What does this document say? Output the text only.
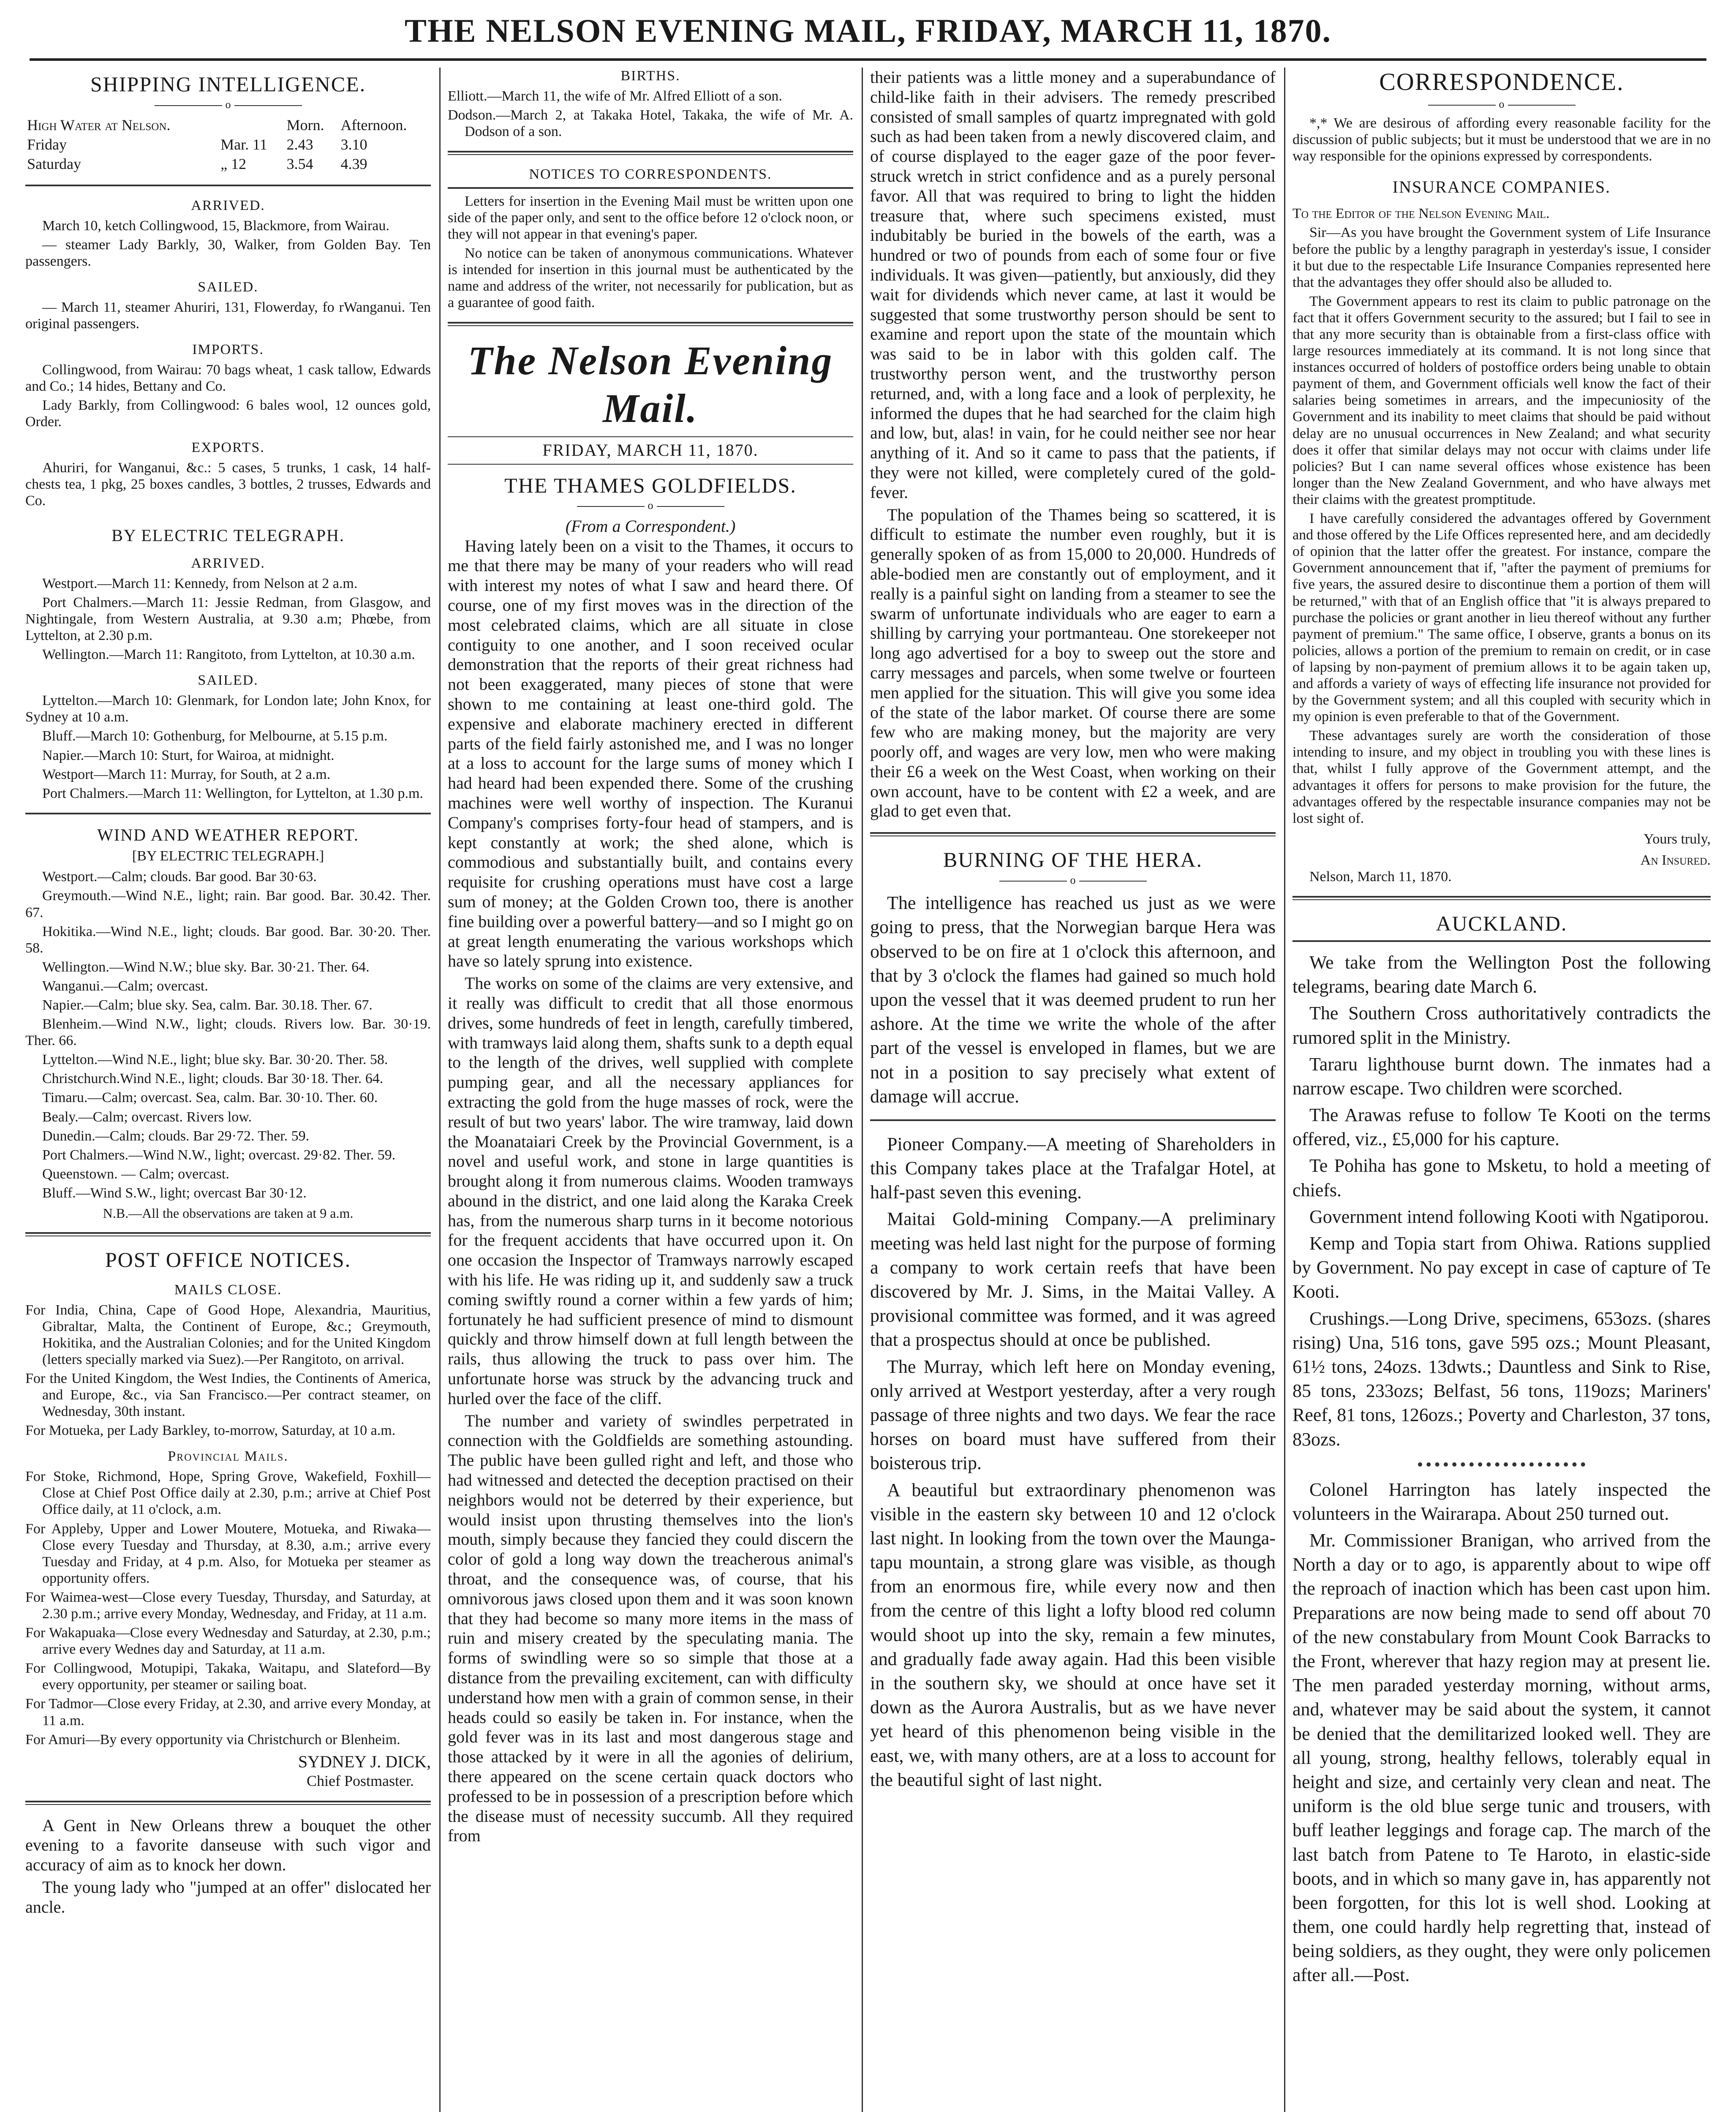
THE NELSON EVENING MAIL, FRIDAY, MARCH 11, 1870.
SHIPPING INTELLIGENCE.
o
High Water at Nelson.		Morn.	Afternoon.
Friday	Mar. 11	2.43	3.10
Saturday	„ 12	3.54	4.39
ARRIVED.

March 10, ketch Collingwood, 15, Blackmore, from Wairau.

— steamer Lady Barkly, 30, Walker, from Golden Bay. Ten passengers.

SAILED.

— March 11, steamer Ahuriri, 131, Flowerday, fo rWanganui. Ten original passengers.

IMPORTS.

Collingwood, from Wairau: 70 bags wheat, 1 cask tallow, Edwards and Co.; 14 hides, Bettany and Co.

Lady Barkly, from Collingwood: 6 bales wool, 12 ounces gold, Order.

EXPORTS.

Ahuriri, for Wanganui, &c.: 5 cases, 5 trunks, 1 cask, 14 half-chests tea, 1 pkg, 25 boxes candles, 3 bottles, 2 trusses, Edwards and Co.

BY ELECTRIC TELEGRAPH.
ARRIVED.

Westport.—March 11: Kennedy, from Nelson at 2 a.m.

Port Chalmers.—March 11: Jessie Redman, from Glasgow, and Nightingale, from Western Australia, at 9.30 a.m; Phœbe, from Lyttelton, at 2.30 p.m.

Wellington.—March 11: Rangitoto, from Lyttelton, at 10.30 a.m.

SAILED.

Lyttelton.—March 10: Glenmark, for London late; John Knox, for Sydney at 10 a.m.

Bluff.—March 10: Gothenburg, for Melbourne, at 5.15 p.m.

Napier.—March 10: Sturt, for Wairoa, at midnight.

Westport—March 11: Murray, for South, at 2 a.m.

Port Chalmers.—March 11: Wellington, for Lyttelton, at 1.30 p.m.

WIND AND WEATHER REPORT.
[BY ELECTRIC TELEGRAPH.]

Westport.—Calm; clouds. Bar good. Bar 30·63.

Greymouth.—Wind N.E., light; rain. Bar good. Bar. 30.42. Ther. 67.

Hokitika.—Wind N.E., light; clouds. Bar good. Bar. 30·20. Ther. 58.

Wellington.—Wind N.W.; blue sky. Bar. 30·21. Ther. 64.

Wanganui.—Calm; overcast.

Napier.—Calm; blue sky. Sea, calm. Bar. 30.18. Ther. 67.

Blenheim.—Wind N.W., light; clouds. Rivers low. Bar. 30·19. Ther. 66.

Lyttelton.—Wind N.E., light; blue sky. Bar. 30·20. Ther. 58.

Christchurch.Wind N.E., light; clouds. Bar 30·18. Ther. 64.

Timaru.—Calm; overcast. Sea, calm. Bar. 30·10. Ther. 60.

Bealy.—Calm; overcast. Rivers low.

Dunedin.—Calm; clouds. Bar 29·72. Ther. 59.

Port Chalmers.—Wind N.W., light; overcast. 29·82. Ther. 59.

Queenstown. — Calm; overcast.

Bluff.—Wind S.W., light; overcast Bar 30·12.

N.B.—All the observations are taken at 9 a.m.
POST OFFICE NOTICES.
MAILS CLOSE.

For India, China, Cape of Good Hope, Alexandria, Mauritius, Gibraltar, Malta, the Continent of Europe, &c.; Greymouth, Hokitika, and the Australian Colonies; and for the United Kingdom (letters specially marked via Suez).—Per Rangitoto, on arrival.

For the United Kingdom, the West Indies, the Continents of America, and Europe, &c., via San Francisco.—Per contract steamer, on Wednesday, 30th instant.

For Motueka, per Lady Barkley, to-morrow, Saturday, at 10 a.m.

Provincial Mails.

For Stoke, Richmond, Hope, Spring Grove, Wakefield, Foxhill—Close at Chief Post Office daily at 2.30, p.m.; arrive at Chief Post Office daily, at 11 o'clock, a.m.

For Appleby, Upper and Lower Moutere, Motueka, and Riwaka—Close every Tuesday and Thursday, at 8.30, a.m.; arrive every Tuesday and Friday, at 4 p.m. Also, for Motueka per steamer as opportunity offers.

For Waimea-west—Close every Tuesday, Thursday, and Saturday, at 2.30 p.m.; arrive every Monday, Wednesday, and Friday, at 11 a.m.

For Wakapuaka—Close every Wednesday and Saturday, at 2.30, p.m.; arrive every Wednes day and Saturday, at 11 a.m.

For Collingwood, Motupipi, Takaka, Waitapu, and Slateford—By every opportunity, per steamer or sailing boat.

For Tadmor—Close every Friday, at 2.30, and arrive every Monday, at 11 a.m.

For Amuri—By every opportunity via Christchurch or Blenheim.

SYDNEY J. DICK,
Chief Postmaster.

A Gent in New Orleans threw a bouquet the other evening to a favorite danseuse with such vigor and accuracy of aim as to knock her down.

The young lady who "jumped at an offer" dislocated her ancle.

BIRTHS.

Elliott.—March 11, the wife of Mr. Alfred Elliott of a son.

Dodson.—March 2, at Takaka Hotel, Takaka, the wife of Mr. A. Dodson of a son.

NOTICES TO CORRESPONDENTS.

Letters for insertion in the Evening Mail must be written upon one side of the paper only, and sent to the office before 12 o'clock noon, or they will not appear in that evening's paper.

No notice can be taken of anonymous communications. Whatever is intended for insertion in this journal must be authenticated by the name and address of the writer, not necessarily for publication, but as a guarantee of good faith.

The Nelson Evening Mail.
FRIDAY, MARCH 11, 1870.
THE THAMES GOLDFIELDS.
o
(From a Correspondent.)

Having lately been on a visit to the Thames, it occurs to me that there may be many of your readers who will read with interest my notes of what I saw and heard there. Of course, one of my first moves was in the direction of the most celebrated claims, which are all situate in close contiguity to one another, and I soon received ocular demonstration that the reports of their great richness had not been exaggerated, many pieces of stone that were shown to me containing at least one-third gold. The expensive and elaborate machinery erected in different parts of the field fairly astonished me, and I was no longer at a loss to account for the large sums of money which I had heard had been expended there. Some of the crushing machines were well worthy of inspection. The Kuranui Company's comprises forty-four head of stampers, and is kept constantly at work; the shed alone, which is commodious and substantially built, and contains every requisite for crushing operations must have cost a large sum of money; at the Golden Crown too, there is another fine building over a powerful battery—and so I might go on at great length enumerating the various workshops which have so lately sprung into existence.

The works on some of the claims are very extensive, and it really was difficult to credit that all those enormous drives, some hundreds of feet in length, carefully timbered, with tramways laid along them, shafts sunk to a depth equal to the length of the drives, well supplied with complete pumping gear, and all the necessary appliances for extracting the gold from the huge masses of rock, were the result of but two years' labor. The wire tramway, laid down the Moanataiari Creek by the Provincial Government, is a novel and useful work, and stone in large quantities is brought along it from numerous claims. Wooden tramways abound in the district, and one laid along the Karaka Creek has, from the numerous sharp turns in it become notorious for the frequent accidents that have occurred upon it. On one occasion the Inspector of Tramways narrowly escaped with his life. He was riding up it, and suddenly saw a truck coming swiftly round a corner within a few yards of him; fortunately he had sufficient presence of mind to dismount quickly and throw himself down at full length between the rails, thus allowing the truck to pass over him. The unfortunate horse was struck by the advancing truck and hurled over the face of the cliff.

The number and variety of swindles perpetrated in connection with the Goldfields are something astounding. The public have been gulled right and left, and those who had witnessed and detected the deception practised on their neighbors would not be deterred by their experience, but would insist upon thrusting themselves into the lion's mouth, simply because they fancied they could discern the color of gold a long way down the treacherous animal's throat, and the consequence was, of course, that his omnivorous jaws closed upon them and it was soon known that they had become so many more items in the mass of ruin and misery created by the speculating mania. The forms of swindling were so so simple that those at a distance from the prevailing excitement, can with difficulty understand how men with a grain of common sense, in their heads could so easily be taken in. For instance, when the gold fever was in its last and most dangerous stage and those attacked by it were in all the agonies of delirium, there appeared on the scene certain quack doctors who professed to be in possession of a prescription before which the disease must of necessity succumb. All they required from

their patients was a little money and a superabundance of child-like faith in their advisers. The remedy prescribed consisted of small samples of quartz impregnated with gold such as had been taken from a newly discovered claim, and of course displayed to the eager gaze of the poor fever-struck wretch in strict confidence and as a purely personal favor. All that was required to bring to light the hidden treasure that, where such specimens existed, must indubitably be buried in the bowels of the earth, was a hundred or two of pounds from each of some four or five individuals. It was given—patiently, but anxiously, did they wait for dividends which never came, at last it would be suggested that some trustworthy person should be sent to examine and report upon the state of the mountain which was said to be in labor with this golden calf. The trustworthy person went, and the trustworthy person returned, and, with a long face and a look of perplexity, he informed the dupes that he had searched for the claim high and low, but, alas! in vain, for he could neither see nor hear anything of it. And so it came to pass that the patients, if they were not killed, were completely cured of the gold-fever.

The population of the Thames being so scattered, it is difficult to estimate the number even roughly, but it is generally spoken of as from 15,000 to 20,000. Hundreds of able-bodied men are constantly out of employment, and it really is a painful sight on landing from a steamer to see the swarm of unfortunate individuals who are eager to earn a shilling by carrying your portmanteau. One storekeeper not long ago advertised for a boy to sweep out the store and carry messages and parcels, when some twelve or fourteen men applied for the situation. This will give you some idea of the state of the labor market. Of course there are some few who are making money, but the majority are very poorly off, and wages are very low, men who were making their £6 a week on the West Coast, when working on their own account, have to be content with £2 a week, and are glad to get even that.

BURNING OF THE HERA.
o

The intelligence has reached us just as we were going to press, that the Norwegian barque Hera was observed to be on fire at 1 o'clock this afternoon, and that by 3 o'clock the flames had gained so much hold upon the vessel that it was deemed prudent to run her ashore. At the time we write the whole of the after part of the vessel is enveloped in flames, but we are not in a position to say precisely what extent of damage will accrue.

Pioneer Company.—A meeting of Shareholders in this Company takes place at the Trafalgar Hotel, at half-past seven this evening.

Maitai Gold-mining Company.—A preliminary meeting was held last night for the purpose of forming a company to work certain reefs that have been discovered by Mr. J. Sims, in the Maitai Valley. A provisional committee was formed, and it was agreed that a prospectus should at once be published.

The Murray, which left here on Monday evening, only arrived at Westport yesterday, after a very rough passage of three nights and two days. We fear the race horses on board must have suffered from their boisterous trip.

A beautiful but extraordinary phenomenon was visible in the eastern sky between 10 and 12 o'clock last night. In looking from the town over the Maunga-tapu mountain, a strong glare was visible, as though from an enormous fire, while every now and then from the centre of this light a lofty blood red column would shoot up into the sky, remain a few minutes, and gradually fade away again. Had this been visible in the southern sky, we should at once have set it down as the Aurora Australis, but as we have never yet heard of this phenomenon being visible in the east, we, with many others, are at a loss to account for the beautiful sight of last night.

CORRESPONDENCE.
o

*,* We are desirous of affording every reasonable facility for the discussion of public subjects; but it must be understood that we are in no way responsible for the opinions expressed by correspondents.

INSURANCE COMPANIES.

To the Editor of the Nelson Evening Mail.

Sir—As you have brought the Government system of Life Insurance before the public by a lengthy paragraph in yesterday's issue, I consider it but due to the respectable Life Insurance Companies represented here that the advantages they offer should also be alluded to.

The Government appears to rest its claim to public patronage on the fact that it offers Government security to the assured; but I fail to see in that any more security than is obtainable from a first-class office with large resources immediately at its command. It is not long since that instances occurred of holders of postoffice orders being unable to obtain payment of them, and Government officials well know the fact of their salaries being sometimes in arrears, and the impecuniosity of the Government and its inability to meet claims that should be paid without delay are no unusual occurrences in New Zealand; and what security does it offer that similar delays may not occur with claims under life policies? But I can name several offices whose existence has been longer than the New Zealand Government, and who have always met their claims with the greatest promptitude.

I have carefully considered the advantages offered by Government and those offered by the Life Offices represented here, and am decidedly of opinion that the latter offer the greatest. For instance, compare the Government announcement that if, "after the payment of premiums for five years, the assured desire to discontinue them a portion of them will be returned," with that of an English office that "it is always prepared to purchase the policies or grant another in lieu thereof without any further payment of premium." The same office, I observe, grants a bonus on its policies, allows a portion of the premium to remain on credit, or in case of lapsing by non-payment of premium allows it to be again taken up, and affords a variety of ways of effecting life insurance not provided for by the Government system; and all this coupled with security which in my opinion is even preferable to that of the Government.

These advantages surely are worth the consideration of those intending to insure, and my object in troubling you with these lines is that, whilst I fully approve of the Government attempt, and the advantages it offers for persons to make provision for the future, the advantages offered by the respectable insurance companies may not be lost sight of.

Yours truly,
An Insured.

Nelson, March 11, 1870.

AUCKLAND.

We take from the Wellington Post the following telegrams, bearing date March 6.

The Southern Cross authoritatively contradicts the rumored split in the Ministry.

Tararu lighthouse burnt down. The inmates had a narrow escape. Two children were scorched.

The Arawas refuse to follow Te Kooti on the terms offered, viz., £5,000 for his capture.

Te Pohiha has gone to Msketu, to hold a meeting of chiefs.

Government intend following Kooti with Ngatiporou.

Kemp and Topia start from Ohiwa. Rations supplied by Government. No pay except in case of capture of Te Kooti.

Crushings.—Long Drive, specimens, 653ozs. (shares rising) Una, 516 tons, gave 595 ozs.; Mount Pleasant, 61½ tons, 24ozs. 13dwts.; Dauntless and Sink to Rise, 85 tons, 233ozs; Belfast, 56 tons, 119ozs; Mariners' Reef, 81 tons, 126ozs.; Poverty and Charleston, 37 tons, 83ozs.

Colonel Harrington has lately inspected the volunteers in the Wairarapa. About 250 turned out.

Mr. Commissioner Branigan, who arrived from the North a day or to ago, is apparently about to wipe off the reproach of inaction which has been cast upon him. Preparations are now being made to send off about 70 of the new constabulary from Mount Cook Barracks to the Front, wherever that hazy region may at present lie. The men paraded yesterday morning, without arms, and, whatever may be said about the system, it cannot be denied that the demilitarized looked well. They are all young, strong, healthy fellows, tolerably equal in height and size, and certainly very clean and neat. The uniform is the old blue serge tunic and trousers, with buff leather leggings and forage cap. The march of the last batch from Patene to Te Haroto, in elastic-side boots, and in which so many gave in, has apparently not been forgotten, for this lot is well shod. Looking at them, one could hardly help regretting that, instead of being soldiers, as they ought, they were only policemen after all.—Post.
